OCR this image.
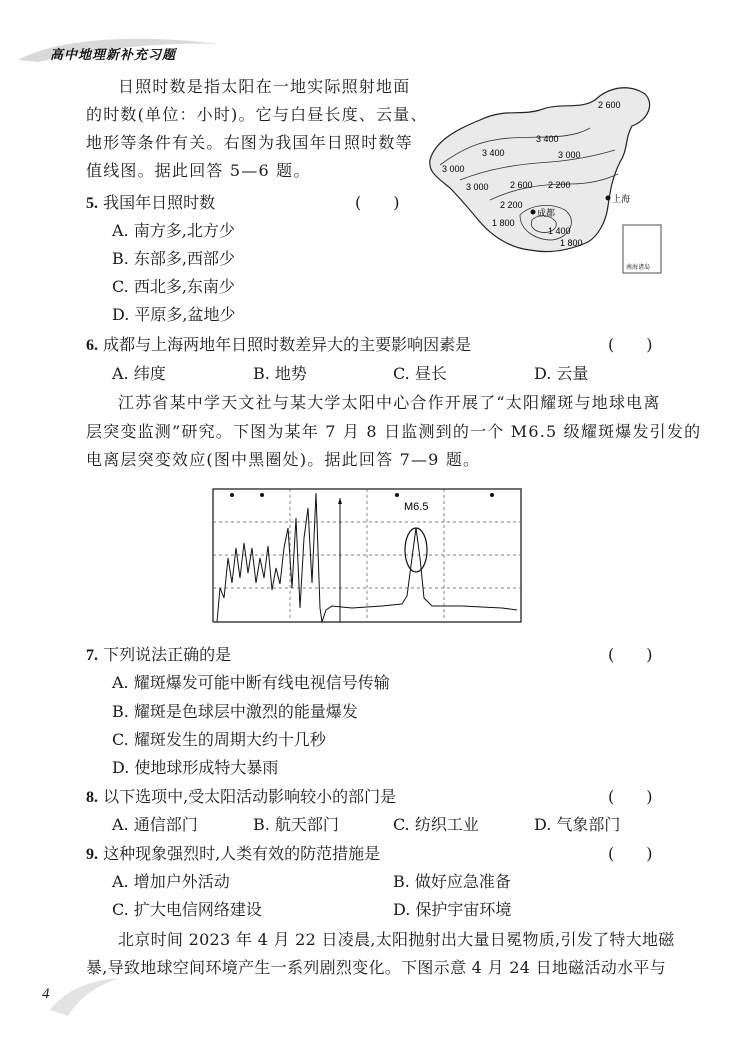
高中地理新补充习题
日照时数是指太阳在一地实际照射地面
的时数(单位：小时)。它与白昼长度、云量、
地形等条件有关。右图为我国年日照时数等
值线图。据此回答 5—6 题。
2 600
3 400
3 000
3 400	3 000
3 000 2 600 2 200
2 200
1 800
1 400
1 800
成都
上海
南海诸岛
5. 我国年日照时数	(　　)
A. 南方多,北方少
B. 东部多,西部少
C. 西北多,东南少
D. 平原多,盆地少
6. 成都与上海两地年日照时数差异大的主要影响因素是	(　　)
A. 纬度	B. 地势	C. 昼长	D. 云量
江苏省某中学天文社与某大学太阳中心合作开展了“太阳耀斑与地球电离
层突变监测”研究。下图为某年 7 月 8 日监测到的一个 M6.5 级耀斑爆发引发的
电离层突变效应(图中黑圈处)。据此回答 7—9 题。
M6.5
7. 下列说法正确的是	(　　)
A. 耀斑爆发可能中断有线电视信号传输
B. 耀斑是色球层中激烈的能量爆发
C. 耀斑发生的周期大约十几秒
D. 使地球形成特大暴雨
8. 以下选项中,受太阳活动影响较小的部门是	(　　)
A. 通信部门	B. 航天部门	C. 纺织工业	D. 气象部门
9. 这种现象强烈时,人类有效的防范措施是	(　　)
A. 增加户外活动	B. 做好应急准备
C. 扩大电信网络建设	D. 保护宇宙环境
北京时间 2023 年 4 月 22 日凌晨,太阳抛射出大量日冕物质,引发了特大地磁
暴,导致地球空间环境产生一系列剧烈变化。下图示意 4 月 24 日地磁活动水平与
4
